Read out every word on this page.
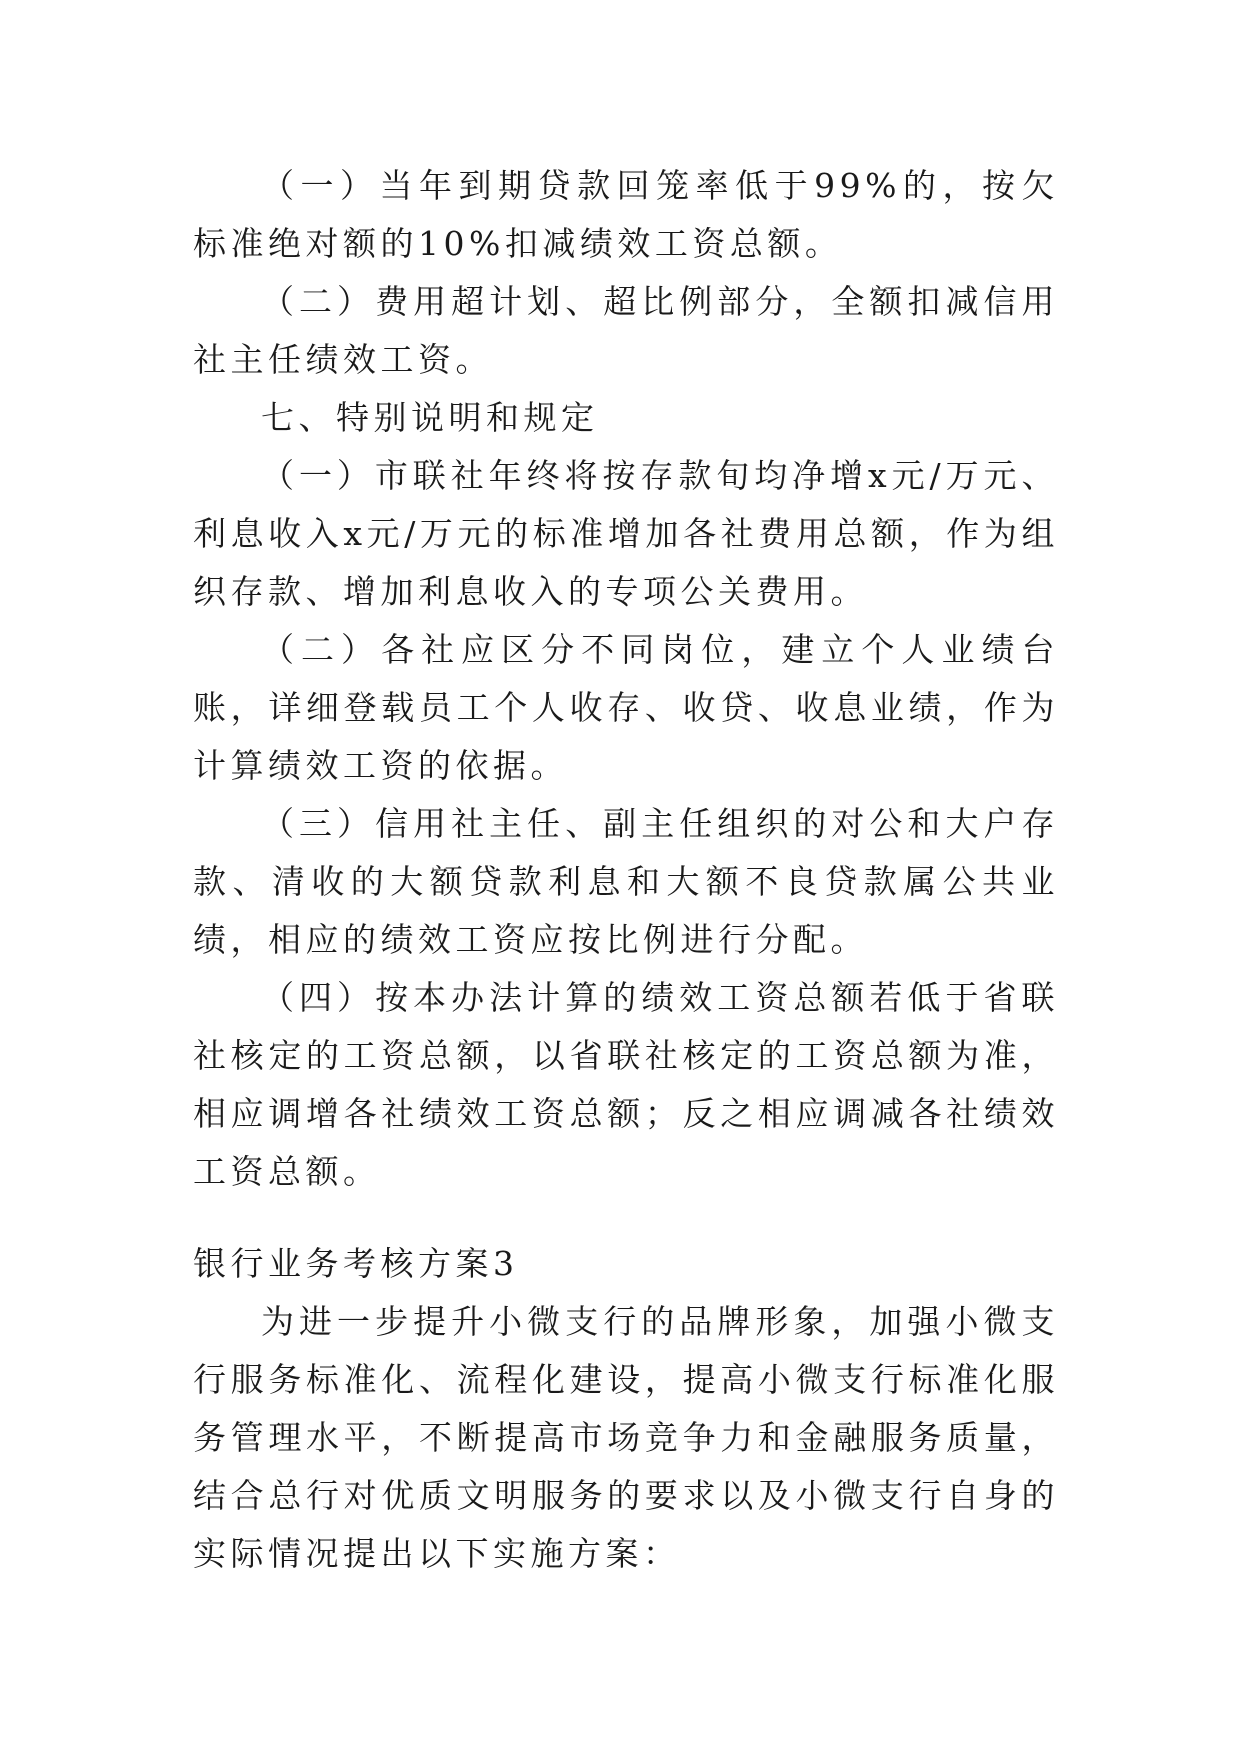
（一）当年到期贷款回笼率低于99%的，按欠标准绝对额的10%扣减绩效工资总额。

（二）费用超计划、超比例部分，全额扣减信用社主任绩效工资。

七、特别说明和规定

（一）市联社年终将按存款旬均净增x元/万元、利息收入x元/万元的标准增加各社费用总额，作为组织存款、增加利息收入的专项公关费用。

（二）各社应区分不同岗位，建立个人业绩台账，详细登载员工个人收存、收贷、收息业绩，作为计算绩效工资的依据。

（三）信用社主任、副主任组织的对公和大户存款、清收的大额贷款利息和大额不良贷款属公共业绩，相应的绩效工资应按比例进行分配。

（四）按本办法计算的绩效工资总额若低于省联社核定的工资总额，以省联社核定的工资总额为准，相应调增各社绩效工资总额；反之相应调减各社绩效工资总额。

银行业务考核方案3

为进一步提升小微支行的品牌形象，加强小微支行服务标准化、流程化建设，提高小微支行标准化服务管理水平，不断提高市场竞争力和金融服务质量，结合总行对优质文明服务的要求以及小微支行自身的实际情况提出以下实施方案：
